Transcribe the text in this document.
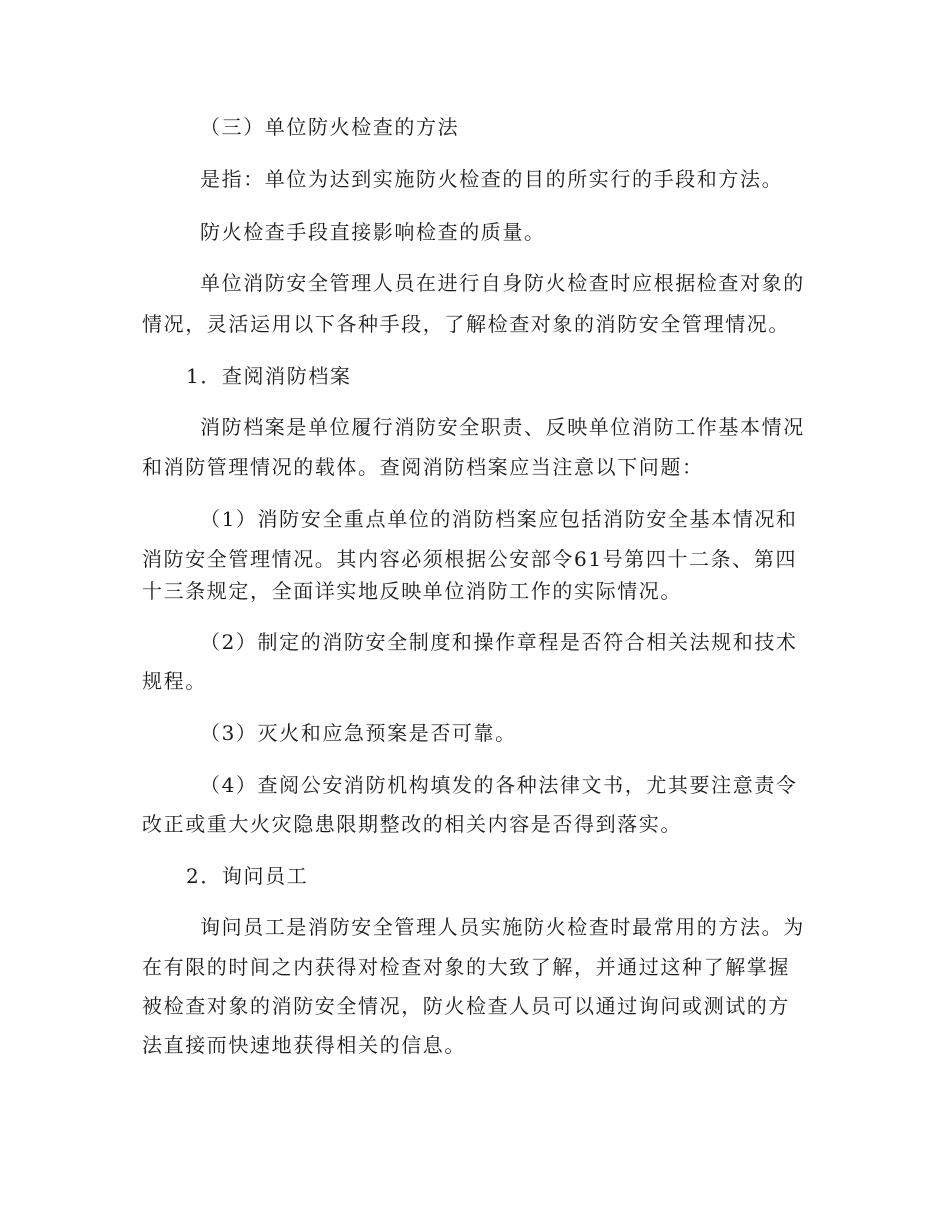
（三）单位防火检查的方法
是指：单位为达到实施防火检查的目的所实行的手段和方法。
防火检查手段直接影响检查的质量。
单位消防安全管理人员在进行自身防火检查时应根据检查对象的
情况，灵活运用以下各种手段，了解检查对象的消防安全管理情况。
1．查阅消防档案
消防档案是单位履行消防安全职责、反映单位消防工作基本情况
和消防管理情况的载体。查阅消防档案应当注意以下问题：
（1）消防安全重点单位的消防档案应包括消防安全基本情况和
消防安全管理情况。其内容必须根据公安部令61号第四十二条、第四
十三条规定，全面详实地反映单位消防工作的实际情况。
（2）制定的消防安全制度和操作章程是否符合相关法规和技术
规程。
（3）灭火和应急预案是否可靠。
（4）查阅公安消防机构填发的各种法律文书，尤其要注意责令
改正或重大火灾隐患限期整改的相关内容是否得到落实。
2．询问员工
询问员工是消防安全管理人员实施防火检查时最常用的方法。为
在有限的时间之内获得对检查对象的大致了解，并通过这种了解掌握
被检查对象的消防安全情况，防火检查人员可以通过询问或测试的方
法直接而快速地获得相关的信息。
